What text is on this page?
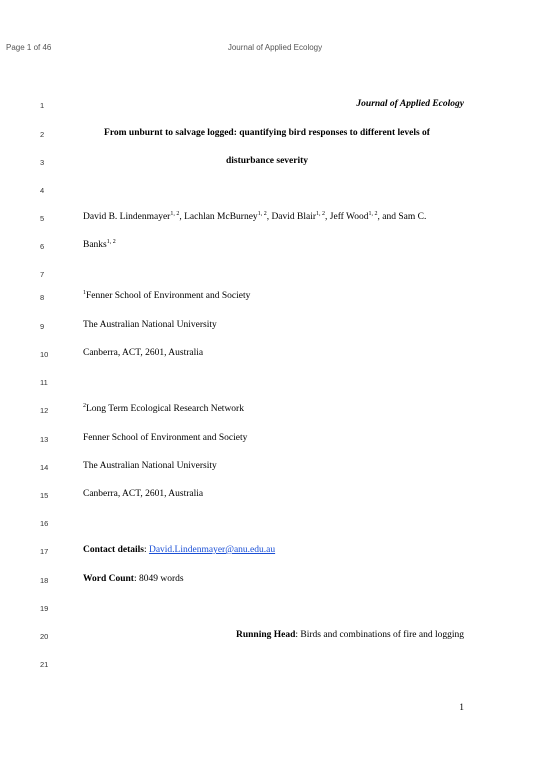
Page 1 of 46	Journal of Applied Ecology
1
2
3
4
5
6
7
8
9
10
11
12
13
14
15
16
17
18
19
20
21
Journal of Applied Ecology
From unburnt to salvage logged: quantifying bird responses to different levels of
disturbance severity
David B. Lindenmayer$^{1, 2}$, Lachlan McBurney$^{1, 2}$, David Blair$^{1, 2}$, Jeff Wood$^{1, 2}$, and Sam C.
Banks$^{1, 2}$
$^1$Fenner School of Environment and Society
The Australian National University
Canberra, ACT, 2601, Australia
$^2$Long Term Ecological Research Network
Fenner School of Environment and Society
The Australian National University
Canberra, ACT, 2601, Australia
Contact details: David.Lindenmayer@anu.edu.au
Word Count: 8049 words
Running Head: Birds and combinations of fire and logging
1
